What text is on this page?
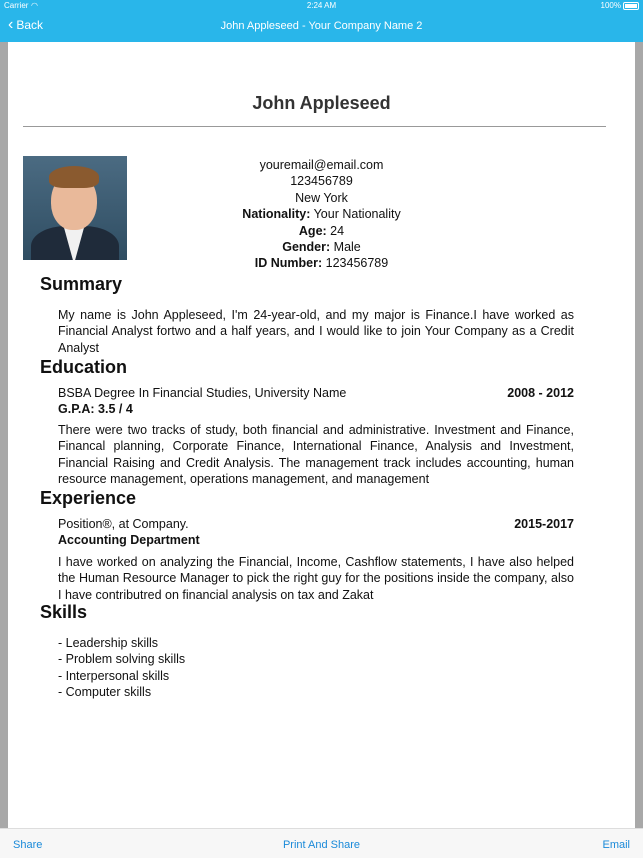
Carrier ◠	2:24 AM	100%
‹ Back	John Appleseed - Your Company Name 2
John Appleseed
youremail@email.com
123456789
New York
Nationality: Your Nationality
Age: 24
Gender: Male
ID Number: 123456789
Summary
My name is John Appleseed, I'm 24-year-old, and my major is Finance.I have worked as Financial Analyst fortwo and a half years, and I would like to join Your Company as a Credit Analyst
Education
BSBA Degree In Financial Studies, University Name	2008 - 2012
G.P.A: 3.5 / 4
There were two tracks of study, both financial and administrative. Investment and Finance, Financal planning, Corporate Finance, International Finance, Analysis and Investment, Financial Raising and Credit Analysis. The management track includes accounting, human resource management, operations management, and management
Experience
Position®, at Company.	2015-2017
Accounting Department
I have worked on analyzing the Financial, Income, Cashflow statements, I have also helped the Human Resource Manager to pick the right guy for the positions inside the company, also I have contributred on financial analysis on tax and Zakat
Skills
- Leadership skills
- Problem solving skills
- Interpersonal skills
- Computer skills
Share	Print And Share	Email
